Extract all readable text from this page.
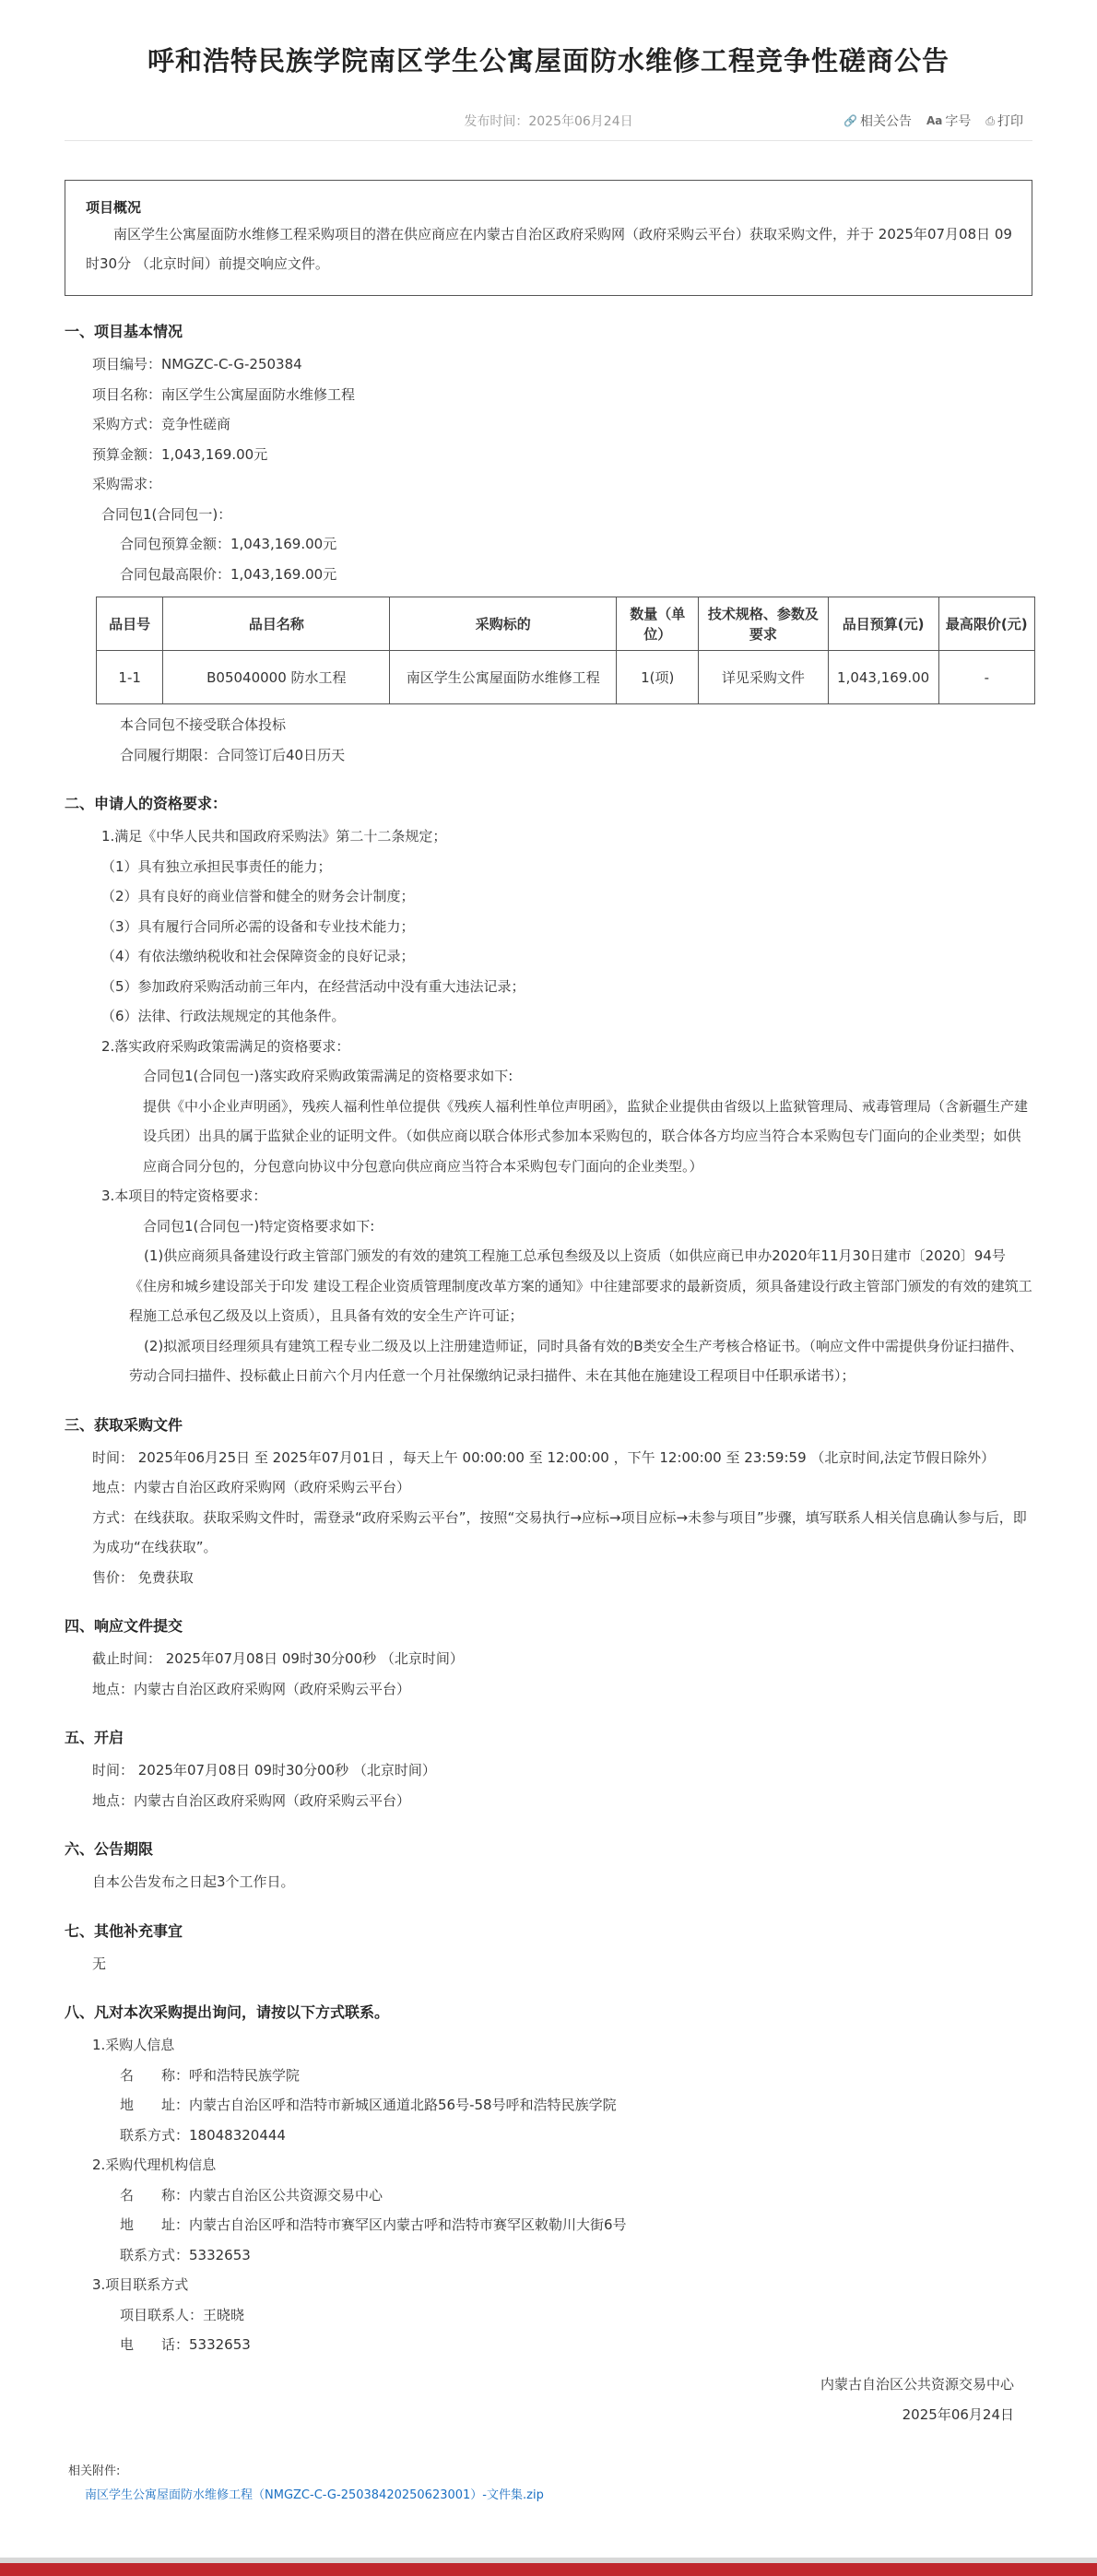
呼和浩特民族学院南区学生公寓屋面防水维修工程竞争性磋商公告
发布时间：2025年06月24日	🔗 相关公告 Aa 字号 ⎙ 打印
项目概况

南区学生公寓屋面防水维修工程采购项目的潜在供应商应在内蒙古自治区政府采购网（政府采购云平台）获取采购文件，并于 2025年07月08日 09时30分 （北京时间）前提交响应文件。

一、项目基本情况
项目编号：NMGZC-C-G-250384
项目名称：南区学生公寓屋面防水维修工程
采购方式：竞争性磋商
预算金额：1,043,169.00元
采购需求：
合同包1(合同包一)：
合同包预算金额：1,043,169.00元
合同包最高限价：1,043,169.00元
品目号	品目名称	采购标的	数量（单位）	技术规格、参数及要求	品目预算(元)	最高限价(元)
1-1	B05040000 防水工程	南区学生公寓屋面防水维修工程	1(项)	详见采购文件	1,043,169.00	-
本合同包不接受联合体投标
合同履行期限：合同签订后40日历天
二、申请人的资格要求：
1.满足《中华人民共和国政府采购法》第二十二条规定；
（1）具有独立承担民事责任的能力；
（2）具有良好的商业信誉和健全的财务会计制度；
（3）具有履行合同所必需的设备和专业技术能力；
（4）有依法缴纳税收和社会保障资金的良好记录；
（5）参加政府采购活动前三年内，在经营活动中没有重大违法记录；
（6）法律、行政法规规定的其他条件。
2.落实政府采购政策需满足的资格要求：
合同包1(合同包一)落实政府采购政策需满足的资格要求如下:
提供《中小企业声明函》，残疾人福利性单位提供《残疾人福利性单位声明函》，监狱企业提供由省级以上监狱管理局、戒毒管理局（含新疆生产建设兵团）出具的属于监狱企业的证明文件。（如供应商以联合体形式参加本采购包的，联合体各方均应当符合本采购包专门面向的企业类型；如供应商合同分包的，分包意向协议中分包意向供应商应当符合本采购包专门面向的企业类型。）
3.本项目的特定资格要求：
合同包1(合同包一)特定资格要求如下:
(1)供应商须具备建设行政主管部门颁发的有效的建筑工程施工总承包叁级及以上资质（如供应商已申办2020年11月30日建市〔2020〕94号《住房和城乡建设部关于印发 建设工程企业资质管理制度改革方案的通知》中往建部要求的最新资质，须具备建设行政主管部门颁发的有效的建筑工程施工总承包乙级及以上资质），且具备有效的安全生产许可证；
(2)拟派项目经理须具有建筑工程专业二级及以上注册建造师证，同时具备有效的B类安全生产考核合格证书。（响应文件中需提供身份证扫描件、劳动合同扫描件、投标截止日前六个月内任意一个月社保缴纳记录扫描件、未在其他在施建设工程项目中任职承诺书）；
三、获取采购文件
时间： 2025年06月25日 至 2025年07月01日 ，每天上午 00:00:00 至 12:00:00 ，下午 12:00:00 至 23:59:59 （北京时间,法定节假日除外）
地点：内蒙古自治区政府采购网（政府采购云平台）
方式：在线获取。获取采购文件时，需登录“政府采购云平台”，按照“交易执行→应标→项目应标→未参与项目”步骤，填写联系人相关信息确认参与后，即为成功“在线获取”。
售价： 免费获取
四、响应文件提交
截止时间： 2025年07月08日 09时30分00秒 （北京时间）
地点：内蒙古自治区政府采购网（政府采购云平台）
五、开启
时间： 2025年07月08日 09时30分00秒 （北京时间）
地点：内蒙古自治区政府采购网（政府采购云平台）
六、公告期限
自本公告发布之日起3个工作日。
七、其他补充事宜
无
八、凡对本次采购提出询问，请按以下方式联系。
1.采购人信息
名　　称：呼和浩特民族学院
地　　址：内蒙古自治区呼和浩特市新城区通道北路56号-58号呼和浩特民族学院
联系方式：18048320444
2.采购代理机构信息
名　　称：内蒙古自治区公共资源交易中心
地　　址：内蒙古自治区呼和浩特市赛罕区内蒙古呼和浩特市赛罕区敕勒川大街6号
联系方式：5332653
3.项目联系方式
项目联系人：王晓晓
电　　话：5332653
内蒙古自治区公共资源交易中心
2025年06月24日
相关附件:
南区学生公寓屋面防水维修工程（NMGZC-C-G-25038420250623001）-文件集.zip
